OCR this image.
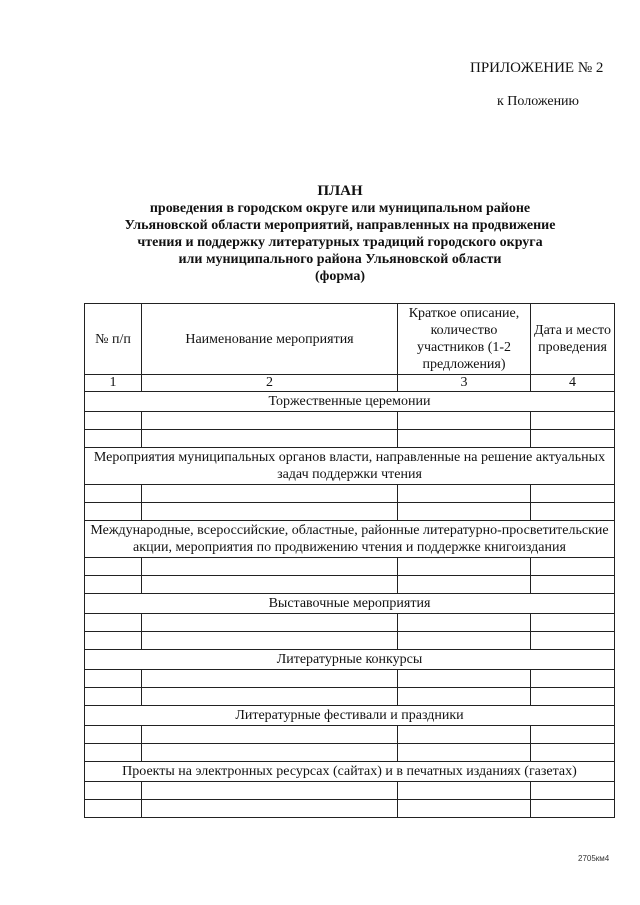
ПРИЛОЖЕНИЕ № 2
к Положению
ПЛАН
проведения в городском округе или муниципальном районе
Ульяновской области мероприятий, направленных на продвижение
чтения и поддержку литературных традиций городского округа
или муниципального района Ульяновской области
(форма)
№ п/п	Наименование мероприятия	Краткое описание, количество участников (1-2 предложения)	Дата и место проведения
1	2	3	4
Торжественные церемонии			

Мероприятия муниципальных органов власти, направленные на решение актуальных задач поддержки чтения			

Международные, всероссийские, областные, районные литературно-просветительские акции, мероприятия по продвижению чтения и поддержке книгоиздания			

Выставочные мероприятия			

Литературные конкурсы			

Литературные фестивали и праздники			

Проекты на электронных ресурсах (сайтах) и в печатных изданиях (газетах)			

2705км4
